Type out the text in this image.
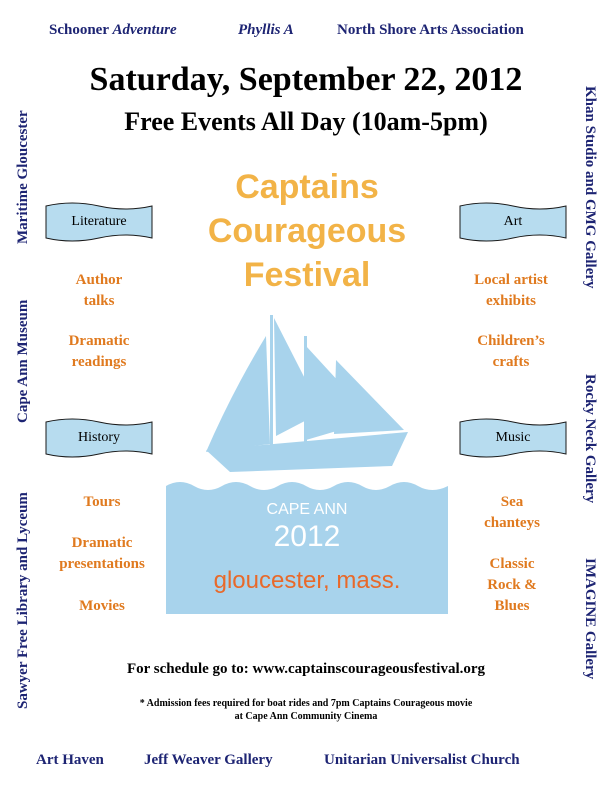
Schooner Adventure	Phyllis A	North Shore Arts Association
Saturday, September 22, 2012
Free Events All Day (10am-5pm)
Maritime Gloucester
Cape Ann Museum
Sawyer Free Library and Lyceum
Khan Studio and GMG Gallery
Rocky Neck Gallery
IMAGINE Gallery
Literature
Author
talks
Dramatic
readings
History
Tours
Dramatic
presentations
Movies
Art
Local artist
exhibits
Children’s
crafts
Music
Sea
chanteys
Classic
Rock &
Blues
Captains
Courageous
Festival
CAPE ANN
2012
gloucester, mass.
For schedule go to: www.captainscourageousfestival.org
* Admission fees required for boat rides and 7pm Captains Courageous movie
at Cape Ann Community Cinema
Art Haven	Jeff Weaver Gallery	Unitarian Universalist Church
